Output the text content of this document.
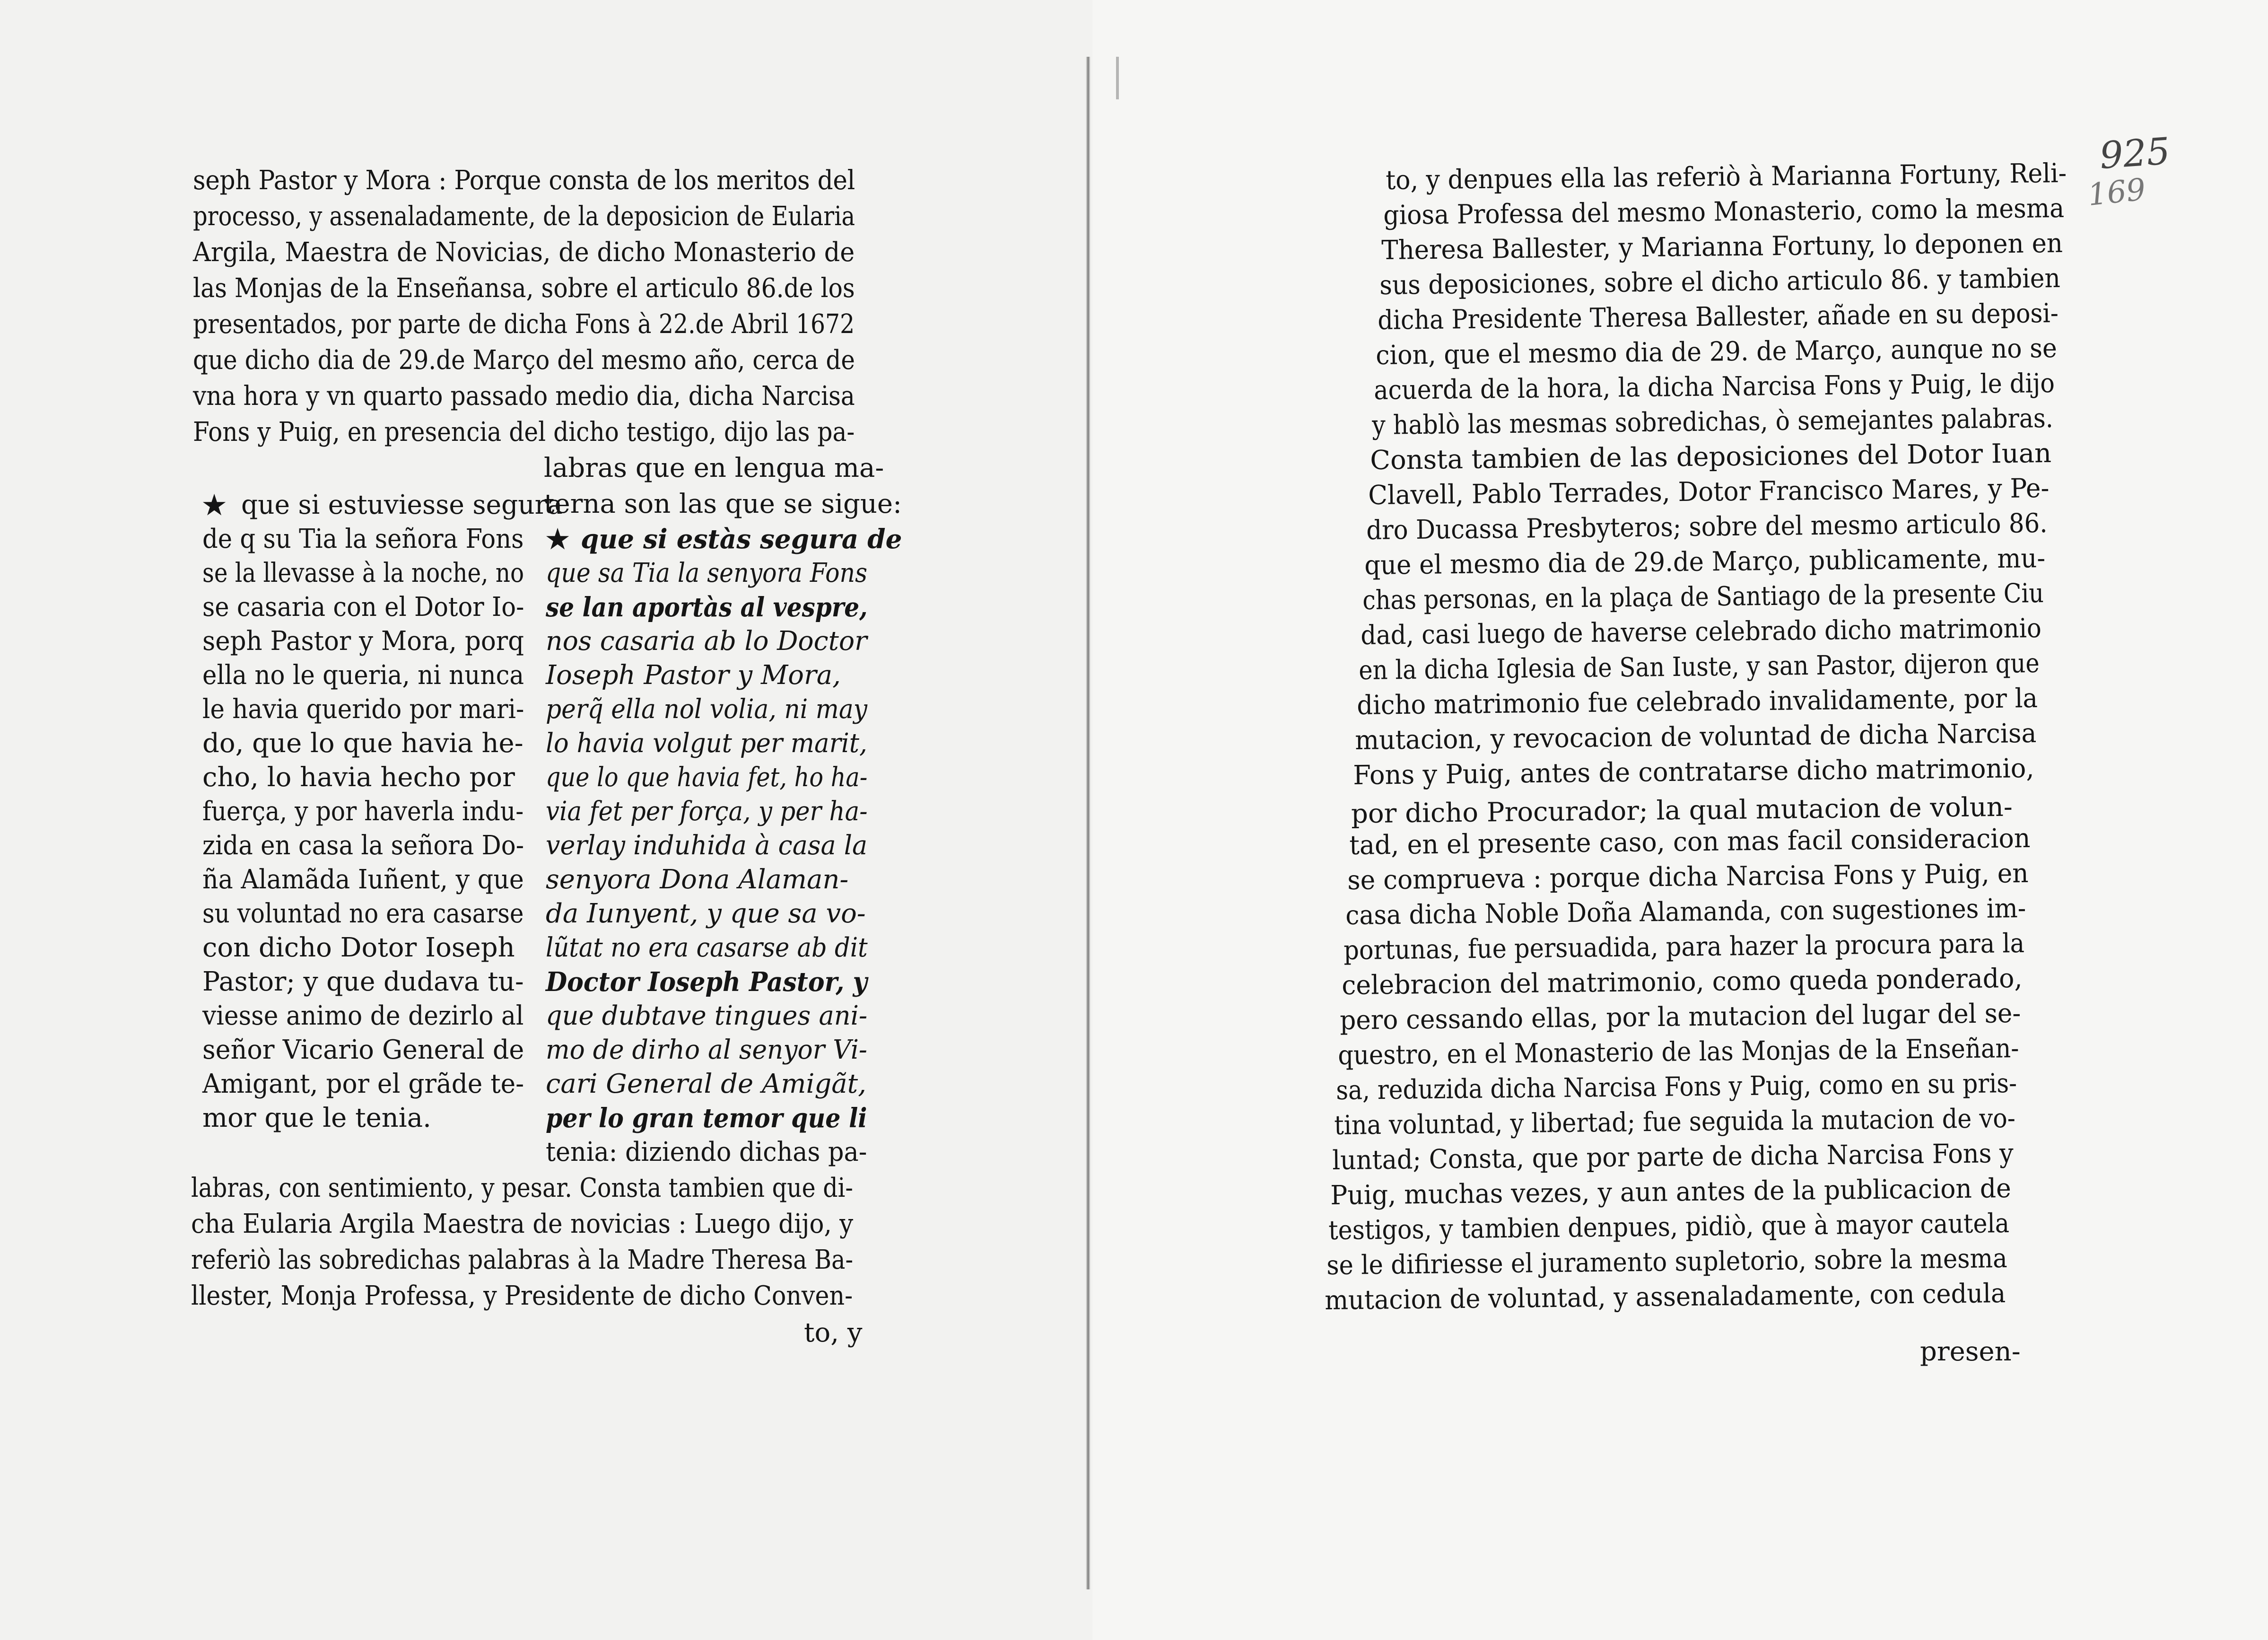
seph Pastor y Mora : Porque consta de los meritos del

processo, y assenaladamente, de la deposicion de Eularia

Argila, Maestra de Novicias, de dicho Monasterio de

las Monjas de la Enseñansa, sobre el articulo 86.de los

presentados, por parte de dicha Fons à 22.de Abril 1672

que dicho dia de 29.de Março del mesmo año, cerca de

vna hora y vn quarto passado medio dia, dicha Narcisa

Fons y Puig, en presencia del dicho testigo, dijo las pa-

labras que en lengua ma-

terna son las que se sigue:

★

★

que si estuviesse segura

de q su Tia la señora Fons

se la llevasse à la noche, no

se casaria con el Dotor Io-

seph Pastor y Mora, porq

ella no le queria, ni nunca

le havia querido por mari-

do, que lo que havia he-

cho, lo havia hecho por

fuerça, y por haverla indu-

zida en casa la señora Do-

ña Alamãda Iuñent, y que

su voluntad no era casarse

con dicho Dotor Ioseph

Pastor; y que dudava tu-

viesse animo de dezirlo al

señor Vicario General de

Amigant, por el grãde te-

mor que le tenia.

que si estàs segura de

que sa Tia la senyora Fons

se lan aportàs al vespre,

nos casaria ab lo Doctor

Ioseph Pastor y Mora,

perq̃ ella nol volia, ni may

lo havia volgut per marit,

que lo que havia fet, ho ha-

via fet per força, y per ha-

verlay induhida à casa la

senyora Dona Alaman-

da Iunyent, y que sa vo-

lũtat no era casarse ab dit

Doctor Ioseph Pastor, y

que dubtave tingues ani-

mo de dirho al senyor Vi-

cari General de Amigãt,

per lo gran temor que li

tenia: diziendo dichas pa-

labras, con sentimiento, y pesar. Consta tambien que di-

cha Eularia Argila Maestra de novicias : Luego dijo, y

referiò las sobredichas palabras à la Madre Theresa Ba-

llester, Monja Professa, y Presidente de dicho Conven-

to, y

925
169

to, y denpues ella las referiò à Marianna Fortuny, Reli-

giosa Professa del mesmo Monasterio, como la mesma

Theresa Ballester, y Marianna Fortuny, lo deponen en

sus deposiciones, sobre el dicho articulo 86. y tambien

dicha Presidente Theresa Ballester, añade en su deposi-

cion, que el mesmo dia de 29. de Março, aunque no se

acuerda de la hora, la dicha Narcisa Fons y Puig, le dijo

y hablò las mesmas sobredichas, ò semejantes palabras.

Consta tambien de las deposiciones del Dotor Iuan

Clavell, Pablo Terrades, Dotor Francisco Mares, y Pe-

dro Ducassa Presbyteros; sobre del mesmo articulo 86.

que el mesmo dia de 29.de Março, publicamente, mu-

chas personas, en la plaça de Santiago de la presente Ciu

dad, casi luego de haverse celebrado dicho matrimonio

en la dicha Iglesia de San Iuste, y san Pastor, dijeron que

dicho matrimonio fue celebrado invalidamente, por la

mutacion, y revocacion de voluntad de dicha Narcisa

Fons y Puig, antes de contratarse dicho matrimonio,

por dicho Procurador; la qual mutacion de volun-

tad, en el presente caso, con mas facil consideracion

se comprueva : porque dicha Narcisa Fons y Puig, en

casa dicha Noble Doña Alamanda, con sugestiones im-

portunas, fue persuadida, para hazer la procura para la

celebracion del matrimonio, como queda ponderado,

pero cessando ellas, por la mutacion del lugar del se-

questro, en el Monasterio de las Monjas de la Enseñan-

sa, reduzida dicha Narcisa Fons y Puig, como en su pris-

tina voluntad, y libertad; fue seguida la mutacion de vo-

luntad; Consta, que por parte de dicha Narcisa Fons y

Puig, muchas vezes, y aun antes de la publicacion de

testigos, y tambien denpues, pidiò, que à mayor cautela

se le difiriesse el juramento supletorio, sobre la mesma

mutacion de voluntad, y assenaladamente, con cedula

presen-
